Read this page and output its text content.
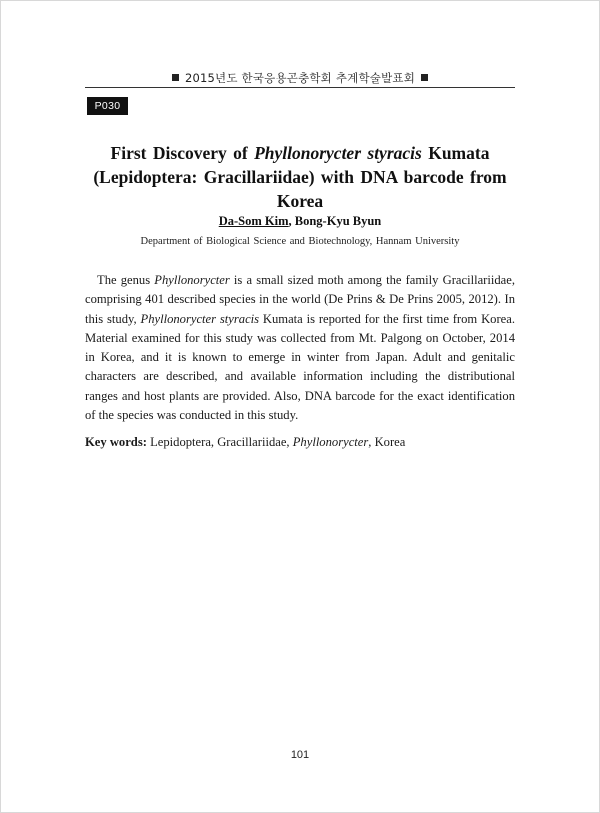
2015년도 한국응용곤충학회 추계학술발표회
P030
First Discovery of Phyllonorycter styracis Kumata
(Lepidoptera: Gracillariidae) with DNA barcode from Korea
Da-Som Kim, Bong-Kyu Byun
Department of Biological Science and Biotechnology, Hannam University
The genus Phyllonorycter is a small sized moth among the family Gracillariidae, comprising 401 described species in the world (De Prins & De Prins 2005, 2012). In this study, Phyllonorycter styracis Kumata is reported for the first time from Korea. Material examined for this study was collected from Mt. Palgong on October, 2014 in Korea, and it is known to emerge in winter from Japan. Adult and genitalic characters are described, and available information including the distributional ranges and host plants are provided. Also, DNA barcode for the exact identification of the species was conducted in this study.
Key words: Lepidoptera, Gracillariidae, Phyllonorycter, Korea
101
